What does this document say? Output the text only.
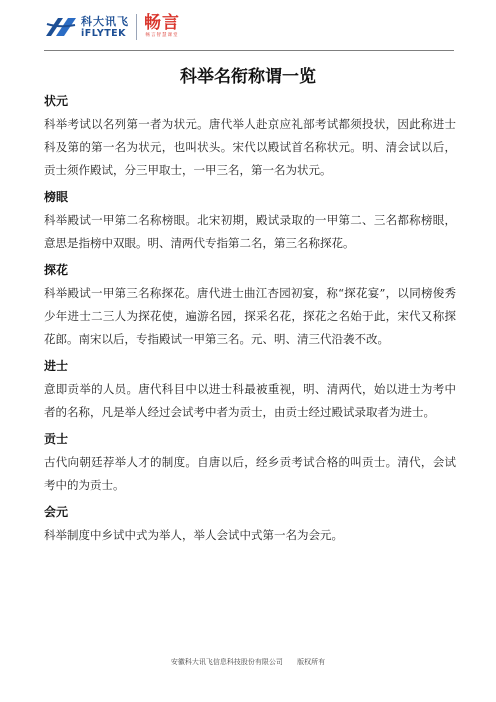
科大讯飞
iFLYTEK 畅言
畅言智慧课堂
科举名衔称谓一览
状元
科举考试以名列第一者为状元。唐代举人赴京应礼部考试都须投状，因此称进士科及第的第一名为状元，也叫状头。宋代以殿试首名称状元。明、清会试以后，贡士须作殿试，分三甲取士，一甲三名，第一名为状元。
榜眼
科举殿试一甲第二名称榜眼。北宋初期，殿试录取的一甲第二、三名都称榜眼，意思是指榜中双眼。明、清两代专指第二名，第三名称探花。
探花
科举殿试一甲第三名称探花。唐代进士曲江杏园初宴，称“探花宴”，以同榜俊秀少年进士二三人为探花使，遍游名园，探采名花，探花之名始于此，宋代又称探花郎。南宋以后，专指殿试一甲第三名。元、明、清三代沿袭不改。
进士
意即贡举的人员。唐代科目中以进士科最被重视，明、清两代，始以进士为考中者的名称，凡是举人经过会试考中者为贡士，由贡士经过殿试录取者为进士。
贡士
古代向朝廷荐举人才的制度。自唐以后，经乡贡考试合格的叫贡士。清代，会试考中的为贡士。
会元
科举制度中乡试中式为举人，举人会试中式第一名为会元。
安徽科大讯飞信息科技股份有限公司 版权所有
